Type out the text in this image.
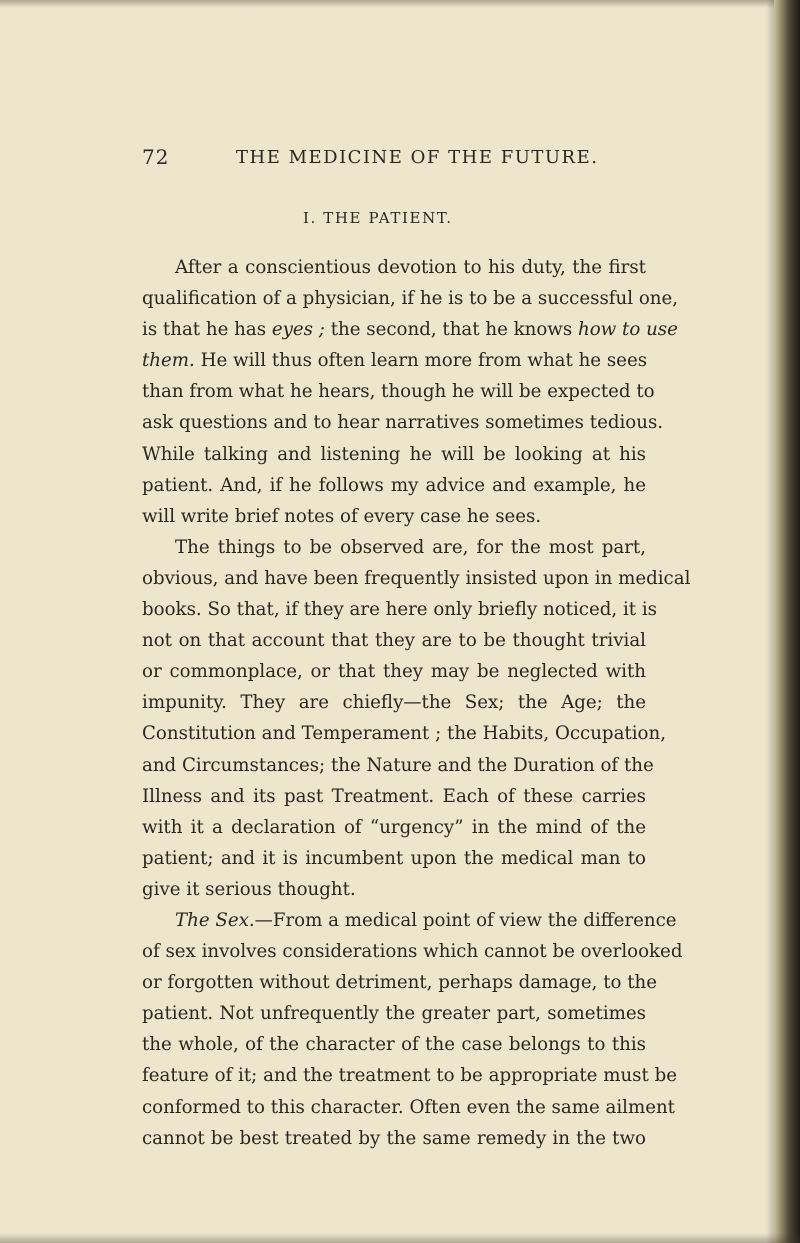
72	THE MEDICINE OF THE FUTURE.
I. THE PATIENT.
After a conscientious devotion to his duty, the first
qualification of a physician, if he is to be a successful one,
is that he has eyes ; the second, that he knows how to use
them. He will thus often learn more from what he sees
than from what he hears, though he will be expected to
ask questions and to hear narratives sometimes tedious.
While talking and listening he will be looking at his
patient. And, if he follows my advice and example, he
will write brief notes of every case he sees.
The things to be observed are, for the most part,
obvious, and have been frequently insisted upon in medical
books. So that, if they are here only briefly noticed, it is
not on that account that they are to be thought trivial
or commonplace, or that they may be neglected with
impunity. They are chiefly—the Sex; the Age; the
Constitution and Temperament ; the Habits, Occupation,
and Circumstances; the Nature and the Duration of the
Illness and its past Treatment. Each of these carries
with it a declaration of “urgency” in the mind of the
patient; and it is incumbent upon the medical man to
give it serious thought.
The Sex.—From a medical point of view the difference
of sex involves considerations which cannot be overlooked
or forgotten without detriment, perhaps damage, to the
patient. Not unfrequently the greater part, sometimes
the whole, of the character of the case belongs to this
feature of it; and the treatment to be appropriate must be
conformed to this character. Often even the same ailment
cannot be best treated by the same remedy in the two
